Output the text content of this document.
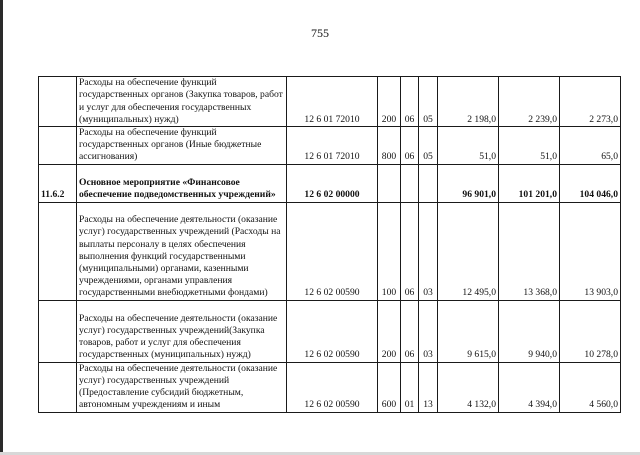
755
	Расходы на обеспечение функций государственных органов (Закупка товаров, работ и услуг для обеспечения государственных (муниципальных) нужд)	12 6 01 72010	200	06	05	2 198,0	2 239,0	2 273,0
	Расходы на обеспечение функций государственных органов (Иные бюджетные ассигнования)	12 6 01 72010	800	06	05	51,0	51,0	65,0
11.6.2	Основное мероприятие «Финансовое обеспечение подведомственных учреждений»	12 6 02 00000				96 901,0	101 201,0	104 046,0
	Расходы на обеспечение деятельности (оказание услуг) государственных учреждений (Расходы на выплаты персоналу в целях обеспечения выполнения функций государственными (муниципальными) органами, казенными учреждениями, органами управления государственными внебюджетными фондами)	12 6 02 00590	100	06	03	12 495,0	13 368,0	13 903,0
	Расходы на обеспечение деятельности (оказание услуг) государственных учреждений(Закупка товаров, работ и услуг для обеспечения государственных (муниципальных) нужд)	12 6 02 00590	200	06	03	9 615,0	9 940,0	10 278,0
	Расходы на обеспечение деятельности (оказание услуг) государственных учреждений (Предоставление субсидий бюджетным, автономным учреждениям и иным	12 6 02 00590	600	01	13	4 132,0	4 394,0	4 560,0
